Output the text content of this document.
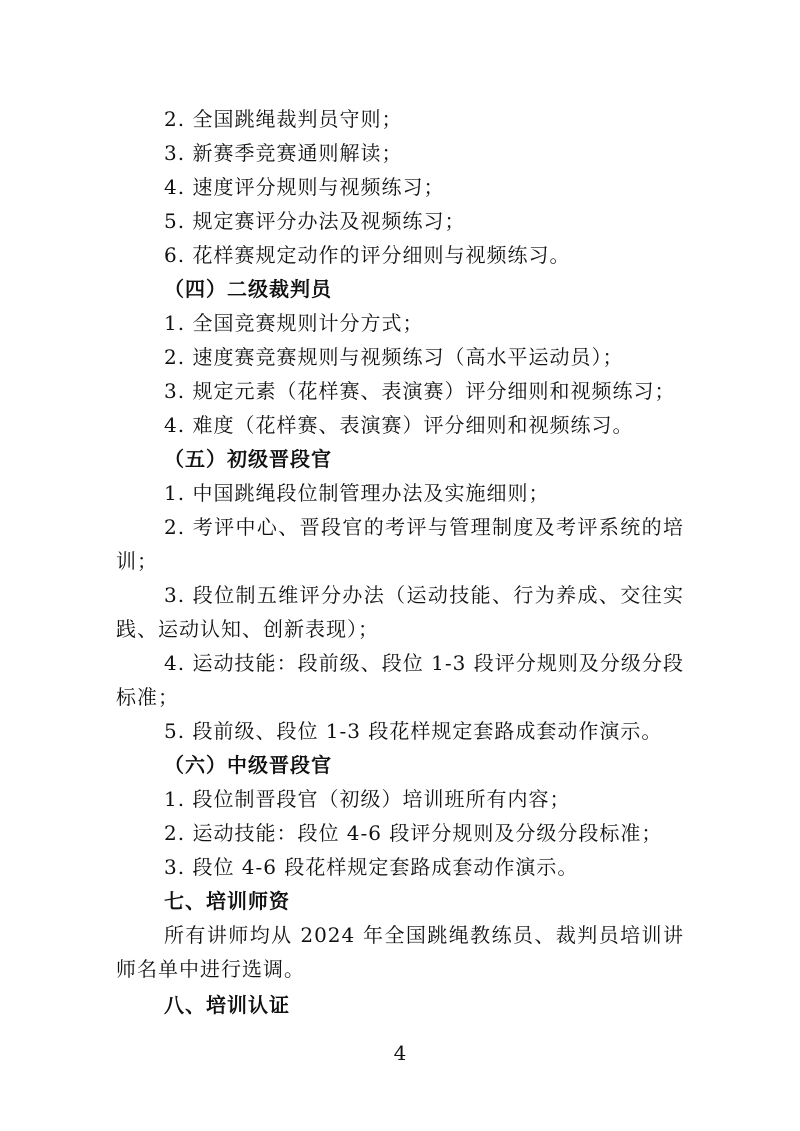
2. 全国跳绳裁判员守则；
3. 新赛季竞赛通则解读；
4. 速度评分规则与视频练习；
5. 规定赛评分办法及视频练习；
6. 花样赛规定动作的评分细则与视频练习。
（四）二级裁判员
1. 全国竞赛规则计分方式；
2. 速度赛竞赛规则与视频练习（高水平运动员）；
3. 规定元素（花样赛、表演赛）评分细则和视频练习；
4. 难度（花样赛、表演赛）评分细则和视频练习。
（五）初级晋段官
1. 中国跳绳段位制管理办法及实施细则；
2. 考评中心、晋段官的考评与管理制度及考评系统的培
训；
3. 段位制五维评分办法（运动技能、行为养成、交往实
践、运动认知、创新表现）；
4. 运动技能：段前级、段位 1-3 段评分规则及分级分段
标准；
5. 段前级、段位 1-3 段花样规定套路成套动作演示。
（六）中级晋段官
1. 段位制晋段官（初级）培训班所有内容；
2. 运动技能：段位 4-6 段评分规则及分级分段标准；
3. 段位 4-6 段花样规定套路成套动作演示。
七、培训师资
所有讲师均从 2024 年全国跳绳教练员、裁判员培训讲
师名单中进行选调。
八、培训认证
4
